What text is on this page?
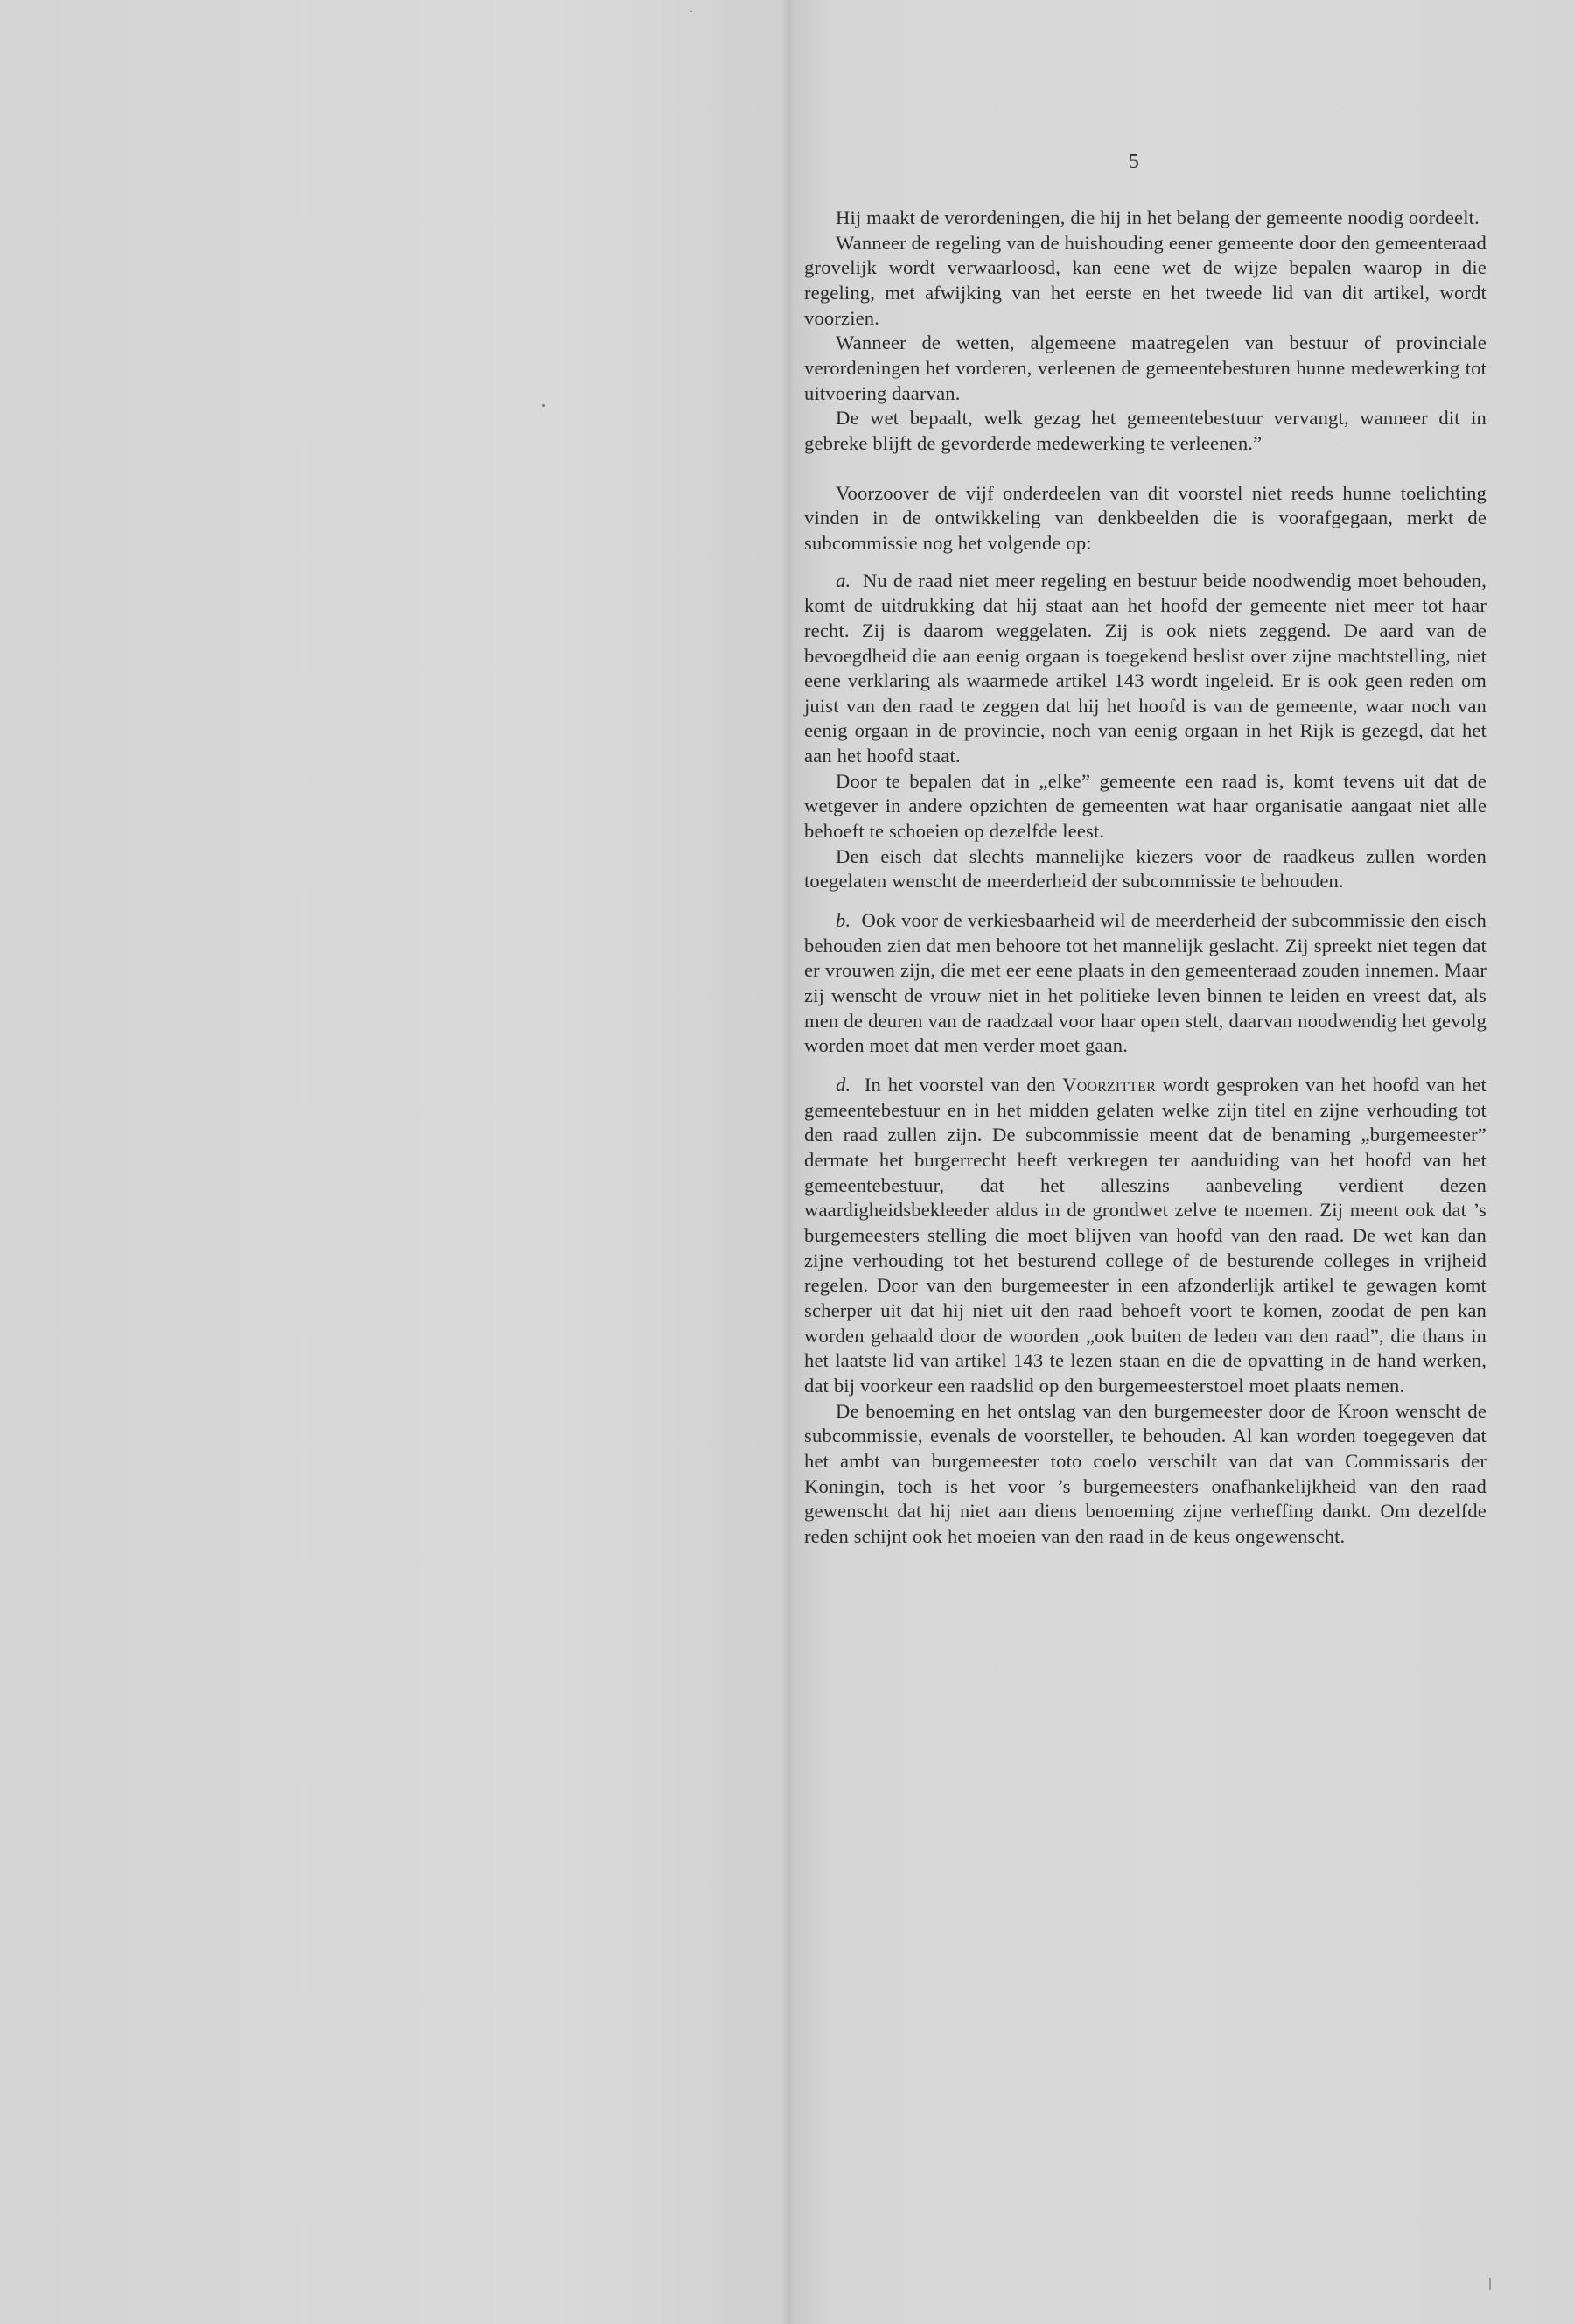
5

Hij maakt de verordeningen, die hij in het belang der gemeente noodig oordeelt.

Wanneer de regeling van de huishouding eener gemeente door den gemeenteraad grovelijk wordt verwaarloosd, kan eene wet de wijze bepalen waarop in die regeling, met afwijking van het eerste en het tweede lid van dit artikel, wordt voorzien.

Wanneer de wetten, algemeene maatregelen van bestuur of provinciale verordeningen het vorderen, verleenen de gemeentebesturen hunne medewerking tot uitvoering daarvan.

De wet bepaalt, welk gezag het gemeentebestuur vervangt, wanneer dit in gebreke blijft de gevorderde medewerking te verleenen.”

Voorzoover de vijf onderdeelen van dit voorstel niet reeds hunne toelichting vinden in de ontwikkeling van denkbeelden die is voorafgegaan, merkt de subcommissie nog het volgende op:

a. Nu de raad niet meer regeling en bestuur beide noodwendig moet behouden, komt de uitdrukking dat hij staat aan het hoofd der gemeente niet meer tot haar recht. Zij is daarom weggelaten. Zij is ook niets zeggend. De aard van de bevoegdheid die aan eenig orgaan is toegekend beslist over zijne machtstelling, niet eene verklaring als waarmede artikel 143 wordt ingeleid. Er is ook geen reden om juist van den raad te zeggen dat hij het hoofd is van de gemeente, waar noch van eenig orgaan in de provincie, noch van eenig orgaan in het Rijk is gezegd, dat het aan het hoofd staat.

Door te bepalen dat in „elke” gemeente een raad is, komt tevens uit dat de wetgever in andere opzichten de gemeenten wat haar organisatie aangaat niet alle behoeft te schoeien op dezelfde leest.

Den eisch dat slechts mannelijke kiezers voor de raadkeus zullen worden toegelaten wenscht de meerderheid der subcommissie te behouden.

b. Ook voor de verkiesbaarheid wil de meerderheid der subcommissie den eisch behouden zien dat men behoore tot het mannelijk geslacht. Zij spreekt niet tegen dat er vrouwen zijn, die met eer eene plaats in den gemeenteraad zouden innemen. Maar zij wenscht de vrouw niet in het politieke leven binnen te leiden en vreest dat, als men de deuren van de raadzaal voor haar open stelt, daarvan noodwendig het gevolg worden moet dat men verder moet gaan.

d. In het voorstel van den Voorzitter wordt gesproken van het hoofd van het gemeentebestuur en in het midden gelaten welke zijn titel en zijne verhouding tot den raad zullen zijn. De subcommissie meent dat de benaming „burgemeester” dermate het burgerrecht heeft verkregen ter aanduiding van het hoofd van het gemeentebestuur, dat het alleszins aanbeveling verdient dezen waardigheidsbekleeder aldus in de grondwet zelve te noemen. Zij meent ook dat ’s burgemeesters stelling die moet blijven van hoofd van den raad. De wet kan dan zijne verhouding tot het besturend college of de besturende colleges in vrijheid regelen. Door van den burgemeester in een afzonderlijk artikel te gewagen komt scherper uit dat hij niet uit den raad behoeft voort te komen, zoodat de pen kan worden gehaald door de woorden „ook buiten de leden van den raad”, die thans in het laatste lid van artikel 143 te lezen staan en die de opvatting in de hand werken, dat bij voorkeur een raadslid op den burgemeesterstoel moet plaats nemen.

De benoeming en het ontslag van den burgemeester door de Kroon wenscht de subcommissie, evenals de voorsteller, te behouden. Al kan worden toegegeven dat het ambt van burgemeester toto coelo verschilt van dat van Commissaris der Koningin, toch is het voor ’s burgemeesters onafhankelijkheid van den raad gewenscht dat hij niet aan diens benoeming zijne verheffing dankt. Om dezelfde reden schijnt ook het moeien van den raad in de keus ongewenscht.
